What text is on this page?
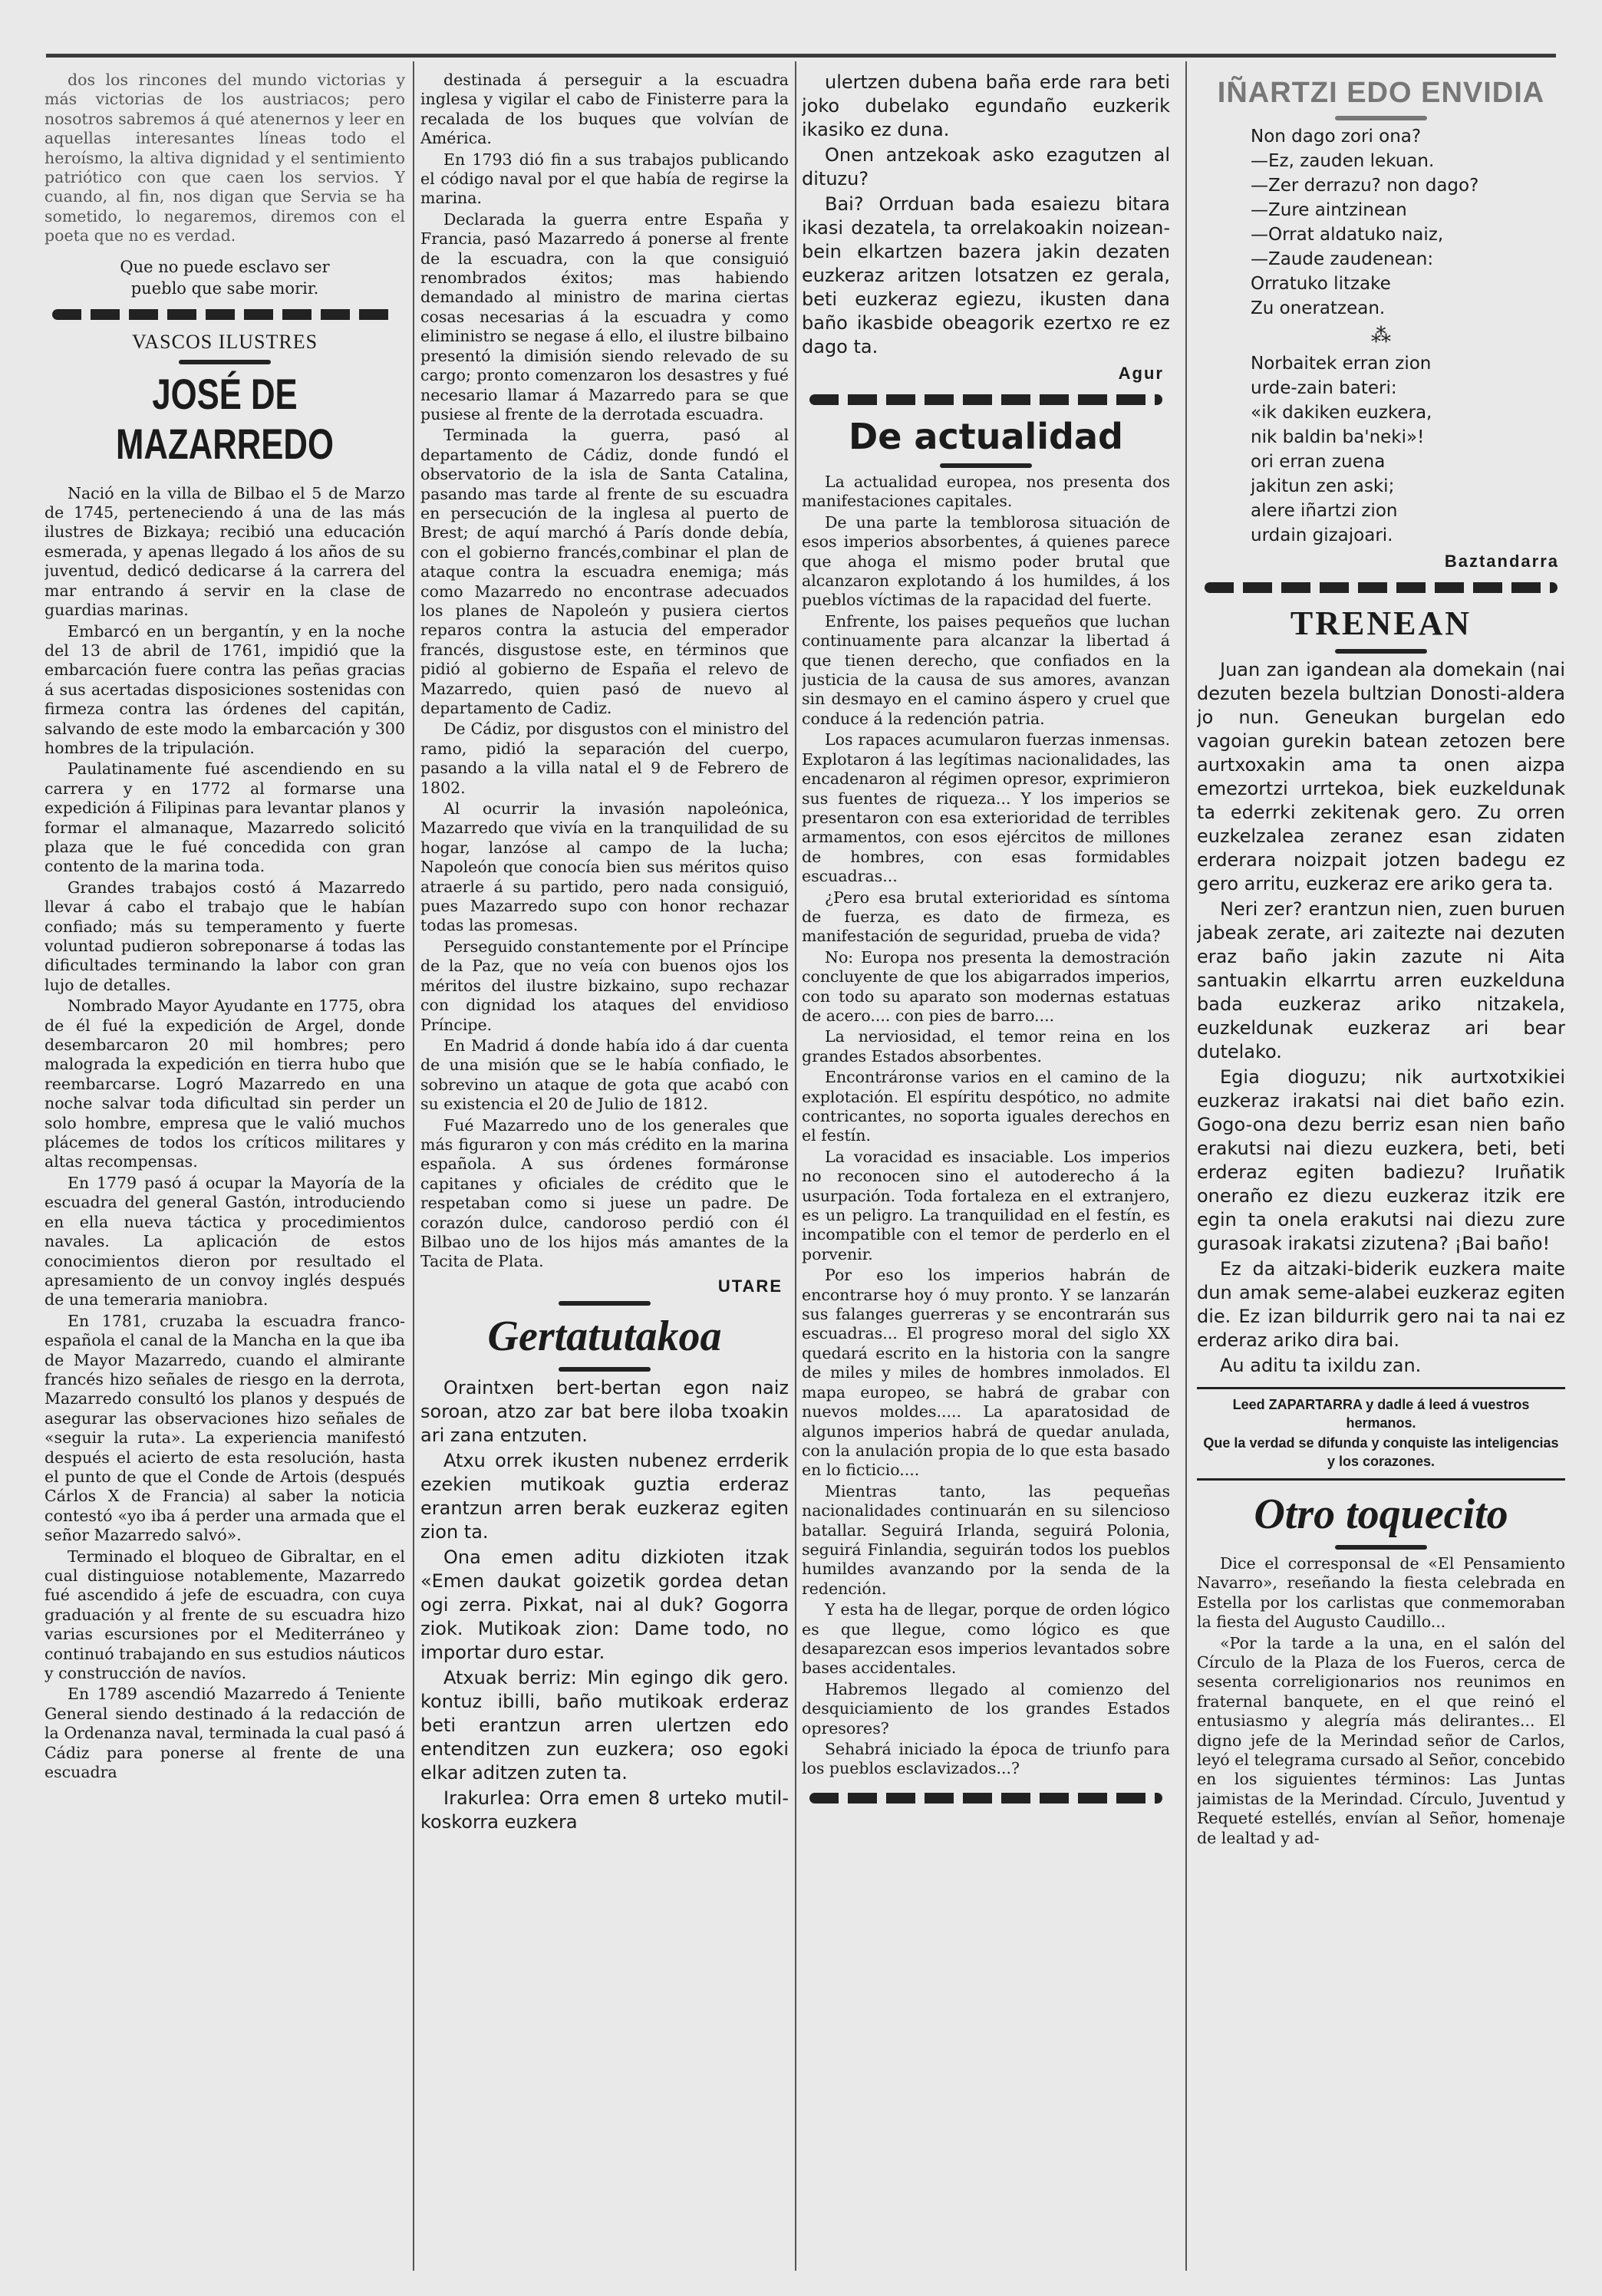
dos los rincones del mundo victorias y más victorias de los austriacos; pero nosotros sabremos á qué atenernos y leer en aquellas interesantes líneas todo el heroísmo, la altiva dignidad y el sentimiento patriótico con que caen los servios. Y cuando, al fin, nos digan que Servia se ha sometido, lo negaremos, diremos con el poeta que no es verdad.

Que no puede esclavo ser

pueblo que sabe morir.

VASCOS ILUSTRES
JOSÉ DE MAZARREDO

Nació en la villa de Bilbao el 5 de Marzo de 1745, perteneciendo á una de las más ilustres de Bizkaya; recibió una educación esmerada, y apenas llegado á los años de su juventud, dedicó dedicarse á la carrera del mar entrando á servir en la clase de guardias marinas.

Embarcó en un bergantín, y en la noche del 13 de abril de 1761, impidió que la embarcación fuere contra las peñas gracias á sus acertadas disposiciones sostenidas con firmeza contra las órdenes del capitán, salvando de este modo la embarcación y 300 hombres de la tripulación.

Paulatinamente fué ascendiendo en su carrera y en 1772 al formarse una expedición á Filipinas para levantar planos y formar el almanaque, Mazarredo solicitó plaza que le fué concedida con gran contento de la marina toda.

Grandes trabajos costó á Mazarredo llevar á cabo el trabajo que le habían confiado; más su temperamento y fuerte voluntad pudieron sobreponarse á todas las dificultades terminando la labor con gran lujo de detalles.

Nombrado Mayor Ayudante en 1775, obra de él fué la expedición de Argel, donde desembarcaron 20 mil hombres; pero malograda la expedición en tierra hubo que reembarcarse. Logró Mazarredo en una noche salvar toda dificultad sin perder un solo hombre, empresa que le valió muchos plácemes de todos los críticos militares y altas recompensas.

En 1779 pasó á ocupar la Mayoría de la escuadra del general Gastón, introduciendo en ella nueva táctica y procedimientos navales. La aplicación de estos conocimientos dieron por resultado el apresamiento de un convoy inglés después de una temeraria maniobra.

En 1781, cruzaba la escuadra franco-española el canal de la Mancha en la que iba de Mayor Mazarredo, cuando el almirante francés hizo señales de riesgo en la derrota, Mazarredo consultó los planos y después de asegurar las observaciones hizo señales de «seguir la ruta». La experiencia manifestó después el acierto de esta resolución, hasta el punto de que el Conde de Artois (después Cárlos X de Francia) al saber la noticia contestó «yo iba á perder una armada que el señor Mazarredo salvó».

Terminado el bloqueo de Gibraltar, en el cual distinguiose notablemente, Mazarredo fué ascendido á jefe de escuadra, con cuya graduación y al frente de su escuadra hizo varias escursiones por el Mediterráneo y continuó trabajando en sus estudios náuticos y construcción de navíos.

En 1789 ascendió Mazarredo á Teniente General siendo destinado á la redacción de la Ordenanza naval, terminada la cual pasó á Cádiz para ponerse al frente de una escuadra

destinada á perseguir a la escuadra inglesa y vigilar el cabo de Finisterre para la recalada de los buques que volvían de América.

En 1793 dió fin a sus trabajos publicando el código naval por el que había de regirse la marina.

Declarada la guerra entre España y Francia, pasó Mazarredo á ponerse al frente de la escuadra, con la que consiguió renombrados éxitos; mas habiendo demandado al ministro de marina ciertas cosas necesarias á la escuadra y como eliministro se negase á ello, el ilustre bilbaino presentó la dimisión siendo relevado de su cargo; pronto comenzaron los desastres y fué necesario llamar á Mazarredo para se que pusiese al frente de la derrotada escuadra.

Terminada la guerra, pasó al departamento de Cádiz, donde fundó el observatorio de la isla de Santa Catalina, pasando mas tarde al frente de su escuadra en persecución de la inglesa al puerto de Brest; de aquí marchó á París donde debía, con el gobierno francés,combinar el plan de ataque contra la escuadra enemiga; más como Mazarredo no encontrase adecuados los planes de Napoleón y pusiera ciertos reparos contra la astucia del emperador francés, disgustose este, en términos que pidió al gobierno de España el relevo de Mazarredo, quien pasó de nuevo al departamento de Cadiz.

De Cádiz, por disgustos con el ministro del ramo, pidió la separación del cuerpo, pasando a la villa natal el 9 de Febrero de 1802.

Al ocurrir la invasión napoleónica, Mazarredo que vivía en la tranquilidad de su hogar, lanzóse al campo de la lucha; Napoleón que conocía bien sus méritos quiso atraerle á su partido, pero nada consiguió, pues Mazarredo supo con honor rechazar todas las promesas.

Perseguido constantemente por el Príncipe de la Paz, que no veía con buenos ojos los méritos del ilustre bizkaino, supo rechazar con dignidad los ataques del envidioso Príncipe.

En Madrid á donde había ido á dar cuenta de una misión que se le había confiado, le sobrevino un ataque de gota que acabó con su existencia el 20 de Julio de 1812.

Fué Mazarredo uno de los generales que más figuraron y con más crédito en la marina española. A sus órdenes formáronse capitanes y oficiales de crédito que le respetaban como si juese un padre. De corazón dulce, candoroso perdió con él Bilbao uno de los hijos más amantes de la Tacita de Plata.

UTARE
Gertatutakoa

Oraintxen bert-bertan egon naiz soroan, atzo zar bat bere iloba txoakin ari zana entzuten.

Atxu orrek ikusten nubenez errderik ezekien mutikoak guztia erderaz erantzun arren berak euzkeraz egiten zion ta.

Ona emen aditu dizkioten itzak «Emen daukat goizetik gordea detan ogi zerra. Pixkat, nai al duk? Gogorra ziok. Mutikoak zion: Dame todo, no importar duro estar.

Atxuak berriz: Min egingo dik gero. kontuz ibilli, baño mutikoak erderaz beti erantzun arren ulertzen edo entenditzen zun euzkera; oso egoki elkar aditzen zuten ta.

Irakurlea: Orra emen 8 urteko mutil-koskorra euzkera

ulertzen dubena baña erde rara beti joko dubelako egundaño euzkerik ikasiko ez duna.

Onen antzekoak asko ezagutzen al dituzu?

Bai? Orrduan bada esaiezu bitara ikasi dezatela, ta orrelakoakin noizean-bein elkartzen bazera jakin dezaten euzkeraz aritzen lotsatzen ez gerala, beti euzkeraz egiezu, ikusten dana baño ikasbide obeagorik ezertxo re ez dago ta.

Agur
De actualidad

La actualidad europea, nos presenta dos manifestaciones capitales.

De una parte la temblorosa situación de esos imperios absorbentes, á quienes parece que ahoga el mismo poder brutal que alcanzaron explotando á los humildes, á los pueblos víctimas de la rapacidad del fuerte.

Enfrente, los paises pequeños que luchan continuamente para alcanzar la libertad á que tienen derecho, que confiados en la justicia de la causa de sus amores, avanzan sin desmayo en el camino áspero y cruel que conduce á la redención patria.

Los rapaces acumularon fuerzas inmensas. Explotaron á las legítimas nacionalidades, las encadenaron al régimen opresor, exprimieron sus fuentes de riqueza... Y los imperios se presentaron con esa exterioridad de terribles armamentos, con esos ejércitos de millones de hombres, con esas formidables escuadras...

¿Pero esa brutal exterioridad es síntoma de fuerza, es dato de firmeza, es manifestación de seguridad, prueba de vida?

No: Europa nos presenta la demostración concluyente de que los abigarrados imperios, con todo su aparato son modernas estatuas de acero.... con pies de barro....

La nerviosidad, el temor reina en los grandes Estados absorbentes.

Encontráronse varios en el camino de la explotación. El espíritu despótico, no admite contricantes, no soporta iguales derechos en el festín.

La voracidad es insaciable. Los imperios no reconocen sino el autoderecho á la usurpación. Toda fortaleza en el extranjero, es un peligro. La tranquilidad en el festín, es incompatible con el temor de perderlo en el porvenir.

Por eso los imperios habrán de encontrarse hoy ó muy pronto. Y se lanzarán sus falanges guerreras y se encontrarán sus escuadras... El progreso moral del siglo XX quedará escrito en la historia con la sangre de miles y miles de hombres inmolados. El mapa europeo, se habrá de grabar con nuevos moldes..... La aparatosidad de algunos imperios habrá de quedar anulada, con la anulación propia de lo que esta basado en lo ficticio....

Mientras tanto, las pequeñas nacionalidades continuarán en su silencioso batallar. Seguirá Irlanda, seguirá Polonia, seguirá Finlandia, seguirán todos los pueblos humildes avanzando por la senda de la redención.

Y esta ha de llegar, porque de orden lógico es que llegue, como lógico es que desaparezcan esos imperios levantados sobre bases accidentales.

Habremos llegado al comienzo del desquiciamiento de los grandes Estados opresores?

Sehabrá iniciado la época de triunfo para los pueblos esclavizados...?

IÑARTZI EDO ENVIDIA

Non dago zori ona?

—Ez, zauden lekuan.

—Zer derrazu? non dago?

—Zure aintzinean

—Orrat aldatuko naiz,

—Zaude zaudenean:

Orratuko litzake

Zu oneratzean.

⁂

Norbaitek erran zion

urde-zain bateri:

«ik dakiken euzkera,

nik baldin ba'neki»!

ori erran zuena

jakitun zen aski;

alere iñartzi zion

urdain gizajoari.

Baztandarra
TRENEAN

Juan zan igandean ala domekain (nai dezuten bezela bultzian Donosti-aldera jo nun. Geneukan burgelan edo vagoian gurekin batean zetozen bere aurtxoxakin ama ta onen aizpa emezortzi urrtekoa, biek euzkeldunak ta ederrki zekitenak gero. Zu orren euzkelzalea zeranez esan zidaten erderara noizpait jotzen badegu ez gero arritu, euzkeraz ere ariko gera ta.

Neri zer? erantzun nien, zuen buruen jabeak zerate, ari zaitezte nai dezuten eraz baño jakin zazute ni Aita santuakin elkarrtu arren euzkelduna bada euzkeraz ariko nitzakela, euzkeldunak euzkeraz ari bear dutelako.

Egia dioguzu; nik aurtxotxikiei euzkeraz irakatsi nai diet baño ezin. Gogo-ona dezu berriz esan nien baño erakutsi nai diezu euzkera, beti, beti erderaz egiten badiezu? Iruñatik oneraño ez diezu euzkeraz itzik ere egin ta onela erakutsi nai diezu zure gurasoak irakatsi zizutena? ¡Bai baño!

Ez da aitzaki-biderik euzkera maite dun amak seme-alabei euzkeraz egiten die. Ez izan bildurrik gero nai ta nai ez erderaz ariko dira bai.

Au aditu ta ixildu zan.

Leed ZAPARTARRA y dadle á leed á vuestros hermanos.

Que la verdad se difunda y conquiste las inteligencias y los corazones.

Otro toquecito

Dice el corresponsal de «El Pensamiento Navarro», reseñando la fiesta celebrada en Estella por los carlistas que conmemoraban la fiesta del Augusto Caudillo...

«Por la tarde a la una, en el salón del Círculo de la Plaza de los Fueros, cerca de sesenta correligionarios nos reunimos en fraternal banquete, en el que reinó el entusiasmo y alegría más delirantes... El digno jefe de la Merindad señor de Carlos, leyó el telegrama cursado al Señor, concebido en los siguientes términos: Las Juntas jaimistas de la Merindad. Círculo, Juventud y Requeté estellés, envían al Señor, homenaje de lealtad y ad-
